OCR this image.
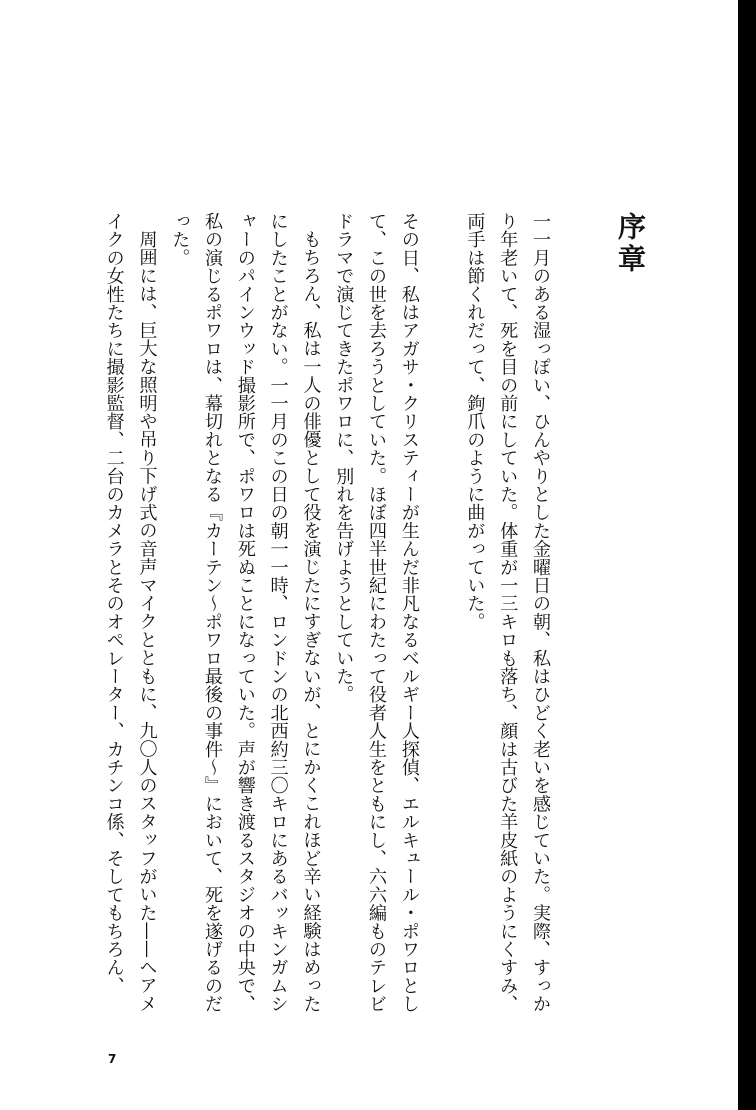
序章

一一月のある湿っぽい、ひんやりとした金曜日の朝、私はひどく老いを感じていた。実際、すっかり年老いて、死を目の前にしていた。体重が一三キロも落ち、顔は古びた羊皮紙のようにくすみ、両手は節くれだって、鉤爪のように曲がっていた。

その日、私はアガサ・クリスティーが生んだ非凡なるベルギー人探偵、エルキュール・ポワロとして、この世を去ろうとしていた。ほぼ四半世紀にわたって役者人生をともにし、六六編ものテレビドラマで演じてきたポワロに、別れを告げようとしていた。

もちろん、私は一人の俳優として役を演じたにすぎないが、とにかくこれほど辛い経験はめったにしたことがない。一一月のこの日の朝一一時、ロンドンの北西約三〇キロにあるバッキンガムシャーのパインウッド撮影所で、ポワロは死ぬことになっていた。声が響き渡るスタジオの中央で、私の演じるポワロは、幕切れとなる『カーテン〜ポワロ最後の事件〜』において、死を遂げるのだった。

周囲には、巨大な照明や吊り下げ式の音声マイクとともに、九〇人のスタッフがいた——ヘアメイクの女性たちに撮影監督、二台のカメラとそのオペレーター、カチンコ係、そしてもちろん、

7
